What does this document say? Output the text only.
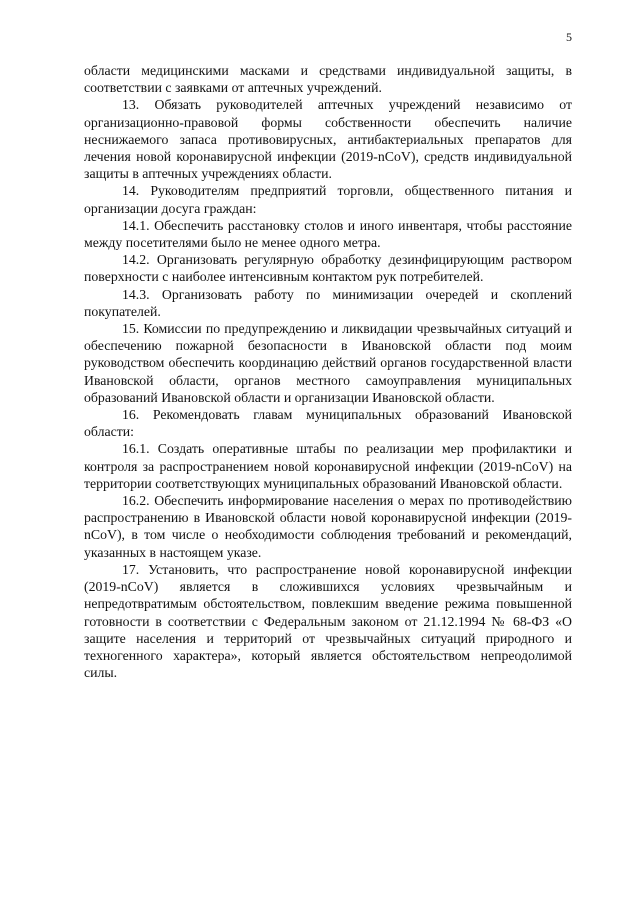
5

области медицинскими масками и средствами индивидуальной защиты, в соответствии с заявками от аптечных учреждений.

13. Обязать руководителей аптечных учреждений независимо от организационно-правовой формы собственности обеспечить наличие неснижаемого запаса противовирусных, антибактериальных препаратов для лечения новой коронавирусной инфекции (2019-nCoV), средств индивидуальной защиты в аптечных учреждениях области.

14. Руководителям предприятий торговли, общественного питания и организации досуга граждан:

14.1. Обеспечить расстановку столов и иного инвентаря, чтобы расстояние между посетителями было не менее одного метра.

14.2. Организовать регулярную обработку дезинфицирующим раствором поверхности с наиболее интенсивным контактом рук потребителей.

14.3. Организовать работу по минимизации очередей и скоплений покупателей.

15. Комиссии по предупреждению и ликвидации чрезвычайных ситуаций и обеспечению пожарной безопасности в Ивановской области под моим руководством обеспечить координацию действий органов государственной власти Ивановской области, органов местного самоуправления муниципальных образований Ивановской области и организации Ивановской области.

16. Рекомендовать главам муниципальных образований Ивановской области:

16.1. Создать оперативные штабы по реализации мер профилактики и контроля за распространением новой коронавирусной инфекции (2019-nCoV) на территории соответствующих муниципальных образований Ивановской области.

16.2. Обеспечить информирование населения о мерах по противодействию распространению в Ивановской области новой коронавирусной инфекции (2019-nCoV), в том числе о необходимости соблюдения требований и рекомендаций, указанных в настоящем указе.

17. Установить, что распространение новой коронавирусной инфекции (2019-nCoV) является в сложившихся условиях чрезвычайным и непредотвратимым обстоятельством, повлекшим введение режима повышенной готовности в соответствии с Федеральным законом от 21.12.1994 № 68-ФЗ «О защите населения и территорий от чрезвычайных ситуаций природного и техногенного характера», который является обстоятельством непреодолимой силы.
